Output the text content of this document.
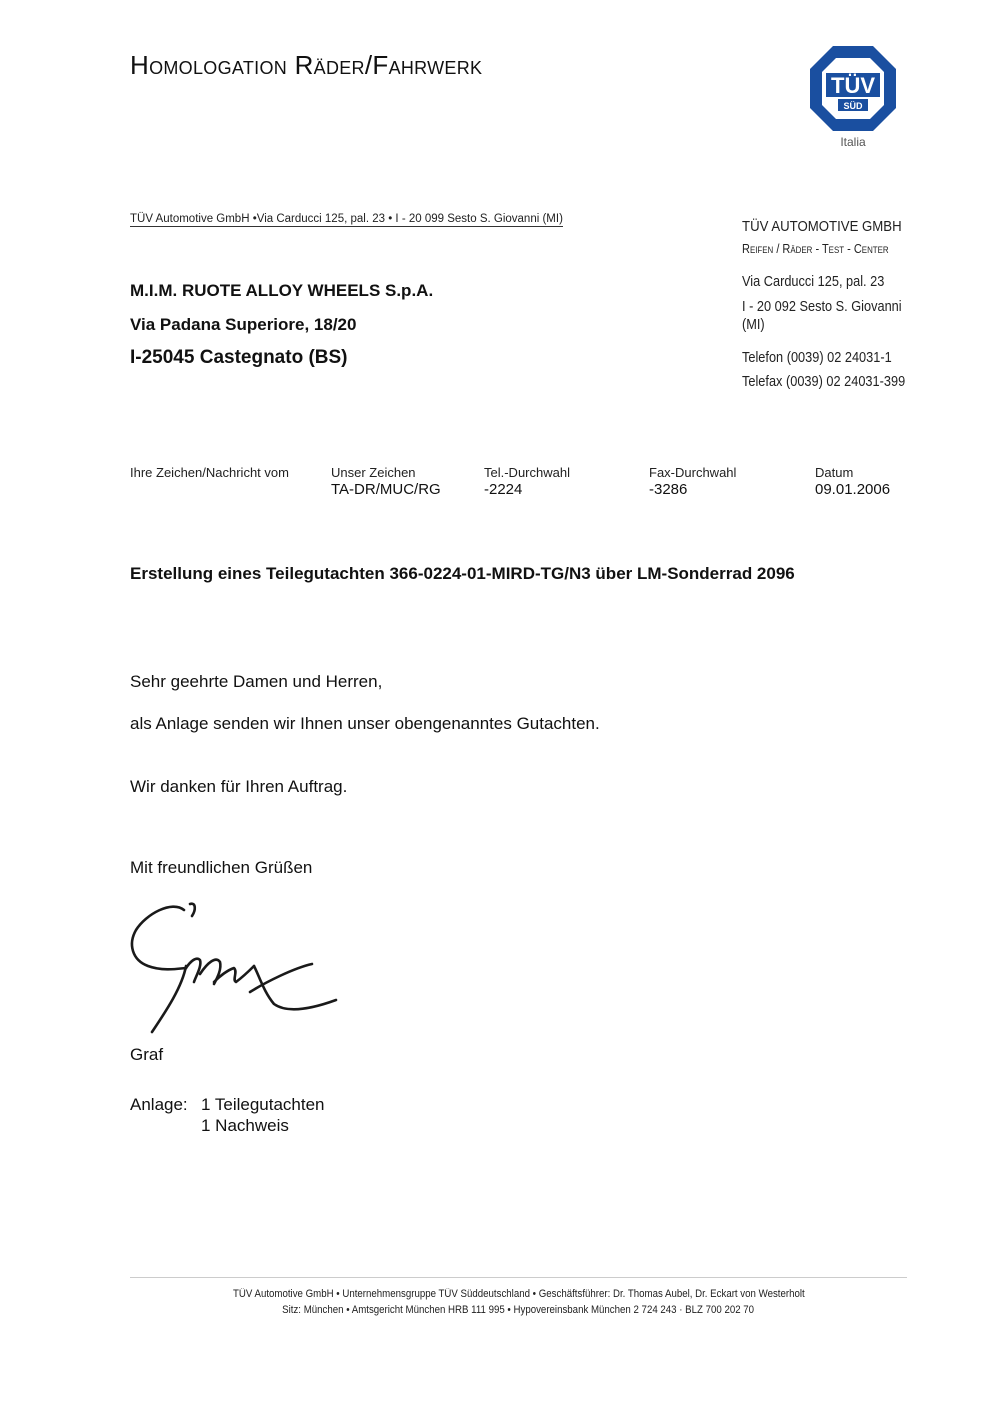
Homologation Räder/Fahrwerk
TÜV
SÜD
Italia
TÜV Automotive GmbH •Via Carducci 125, pal. 23 • I - 20 099 Sesto S. Giovanni (MI)
M.I.M. RUOTE ALLOY WHEELS S.p.A.
Via Padana Superiore, 18/20
I-25045 Castegnato (BS)
TÜV AUTOMOTIVE GMBH
Reifen / Räder - Test - Center
Via Carducci 125, pal. 23
I - 20 092 Sesto S. Giovanni (MI)
Telefon (0039) 02 24031-1
Telefax (0039) 02 24031-399
Ihre Zeichen/Nachricht vom	Unser Zeichen
TA-DR/MUC/RG
Tel.-Durchwahl
-2224
Fax-Durchwahl
-3286
Datum
09.01.2006
Erstellung eines Teilegutachten 366-0224-01-MIRD-TG/N3 über LM-Sonderrad 2096
Sehr geehrte Damen und Herren,
als Anlage senden wir Ihnen unser obengenanntes Gutachten.
Wir danken für Ihren Auftrag.
Mit freundlichen Grüßen
Graf
Anlage: 1 Teilegutachten
1 Nachweis
TÜV Automotive GmbH • Unternehmensgruppe TÜV Süddeutschland • Geschäftsführer: Dr. Thomas Aubel, Dr. Eckart von Westerholt
Sitz: München • Amtsgericht München HRB 111 995 • Hypovereinsbank München 2 724 243 · BLZ 700 202 70
